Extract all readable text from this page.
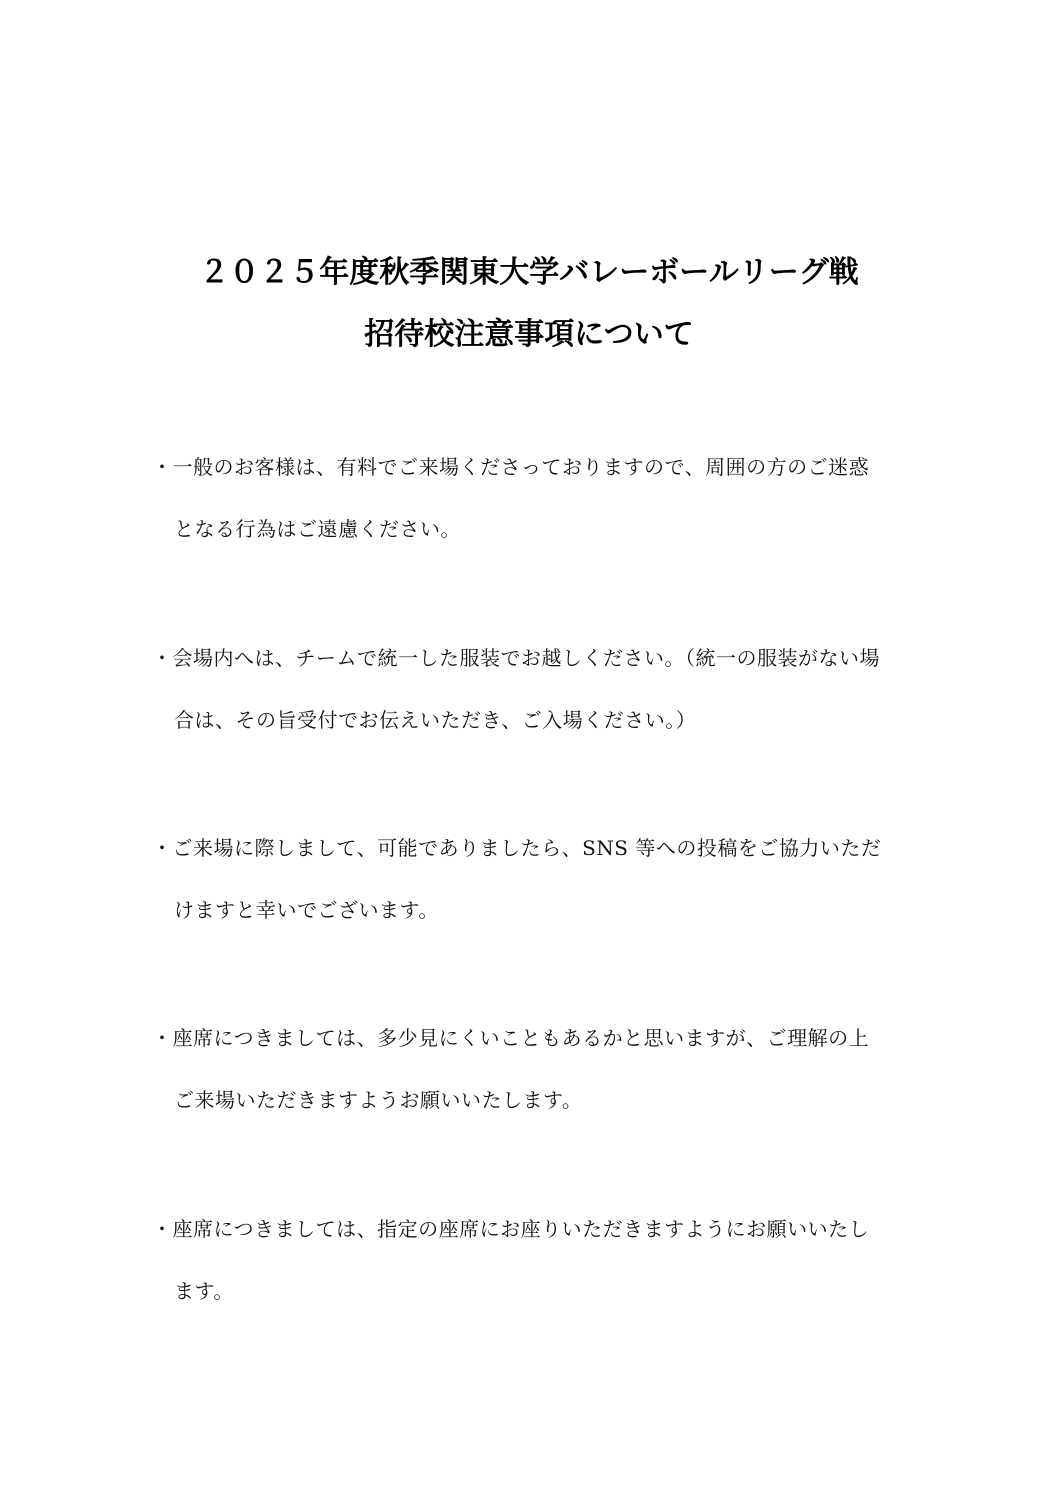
２０２５年度秋季関東大学バレーボールリーグ戦
招待校注意事項について
・一般のお客様は、有料でご来場くださっておりますので、周囲の方のご迷惑
となる行為はご遠慮ください。
・会場内へは、チームで統一した服装でお越しください。（統一の服装がない場
合は、その旨受付でお伝えいただき、ご入場ください。）
・ご来場に際しまして、可能でありましたら、SNS 等への投稿をご協力いただ
けますと幸いでございます。
・座席につきましては、多少見にくいこともあるかと思いますが、ご理解の上
ご来場いただきますようお願いいたします。
・座席につきましては、指定の座席にお座りいただきますようにお願いいたし
ます。
